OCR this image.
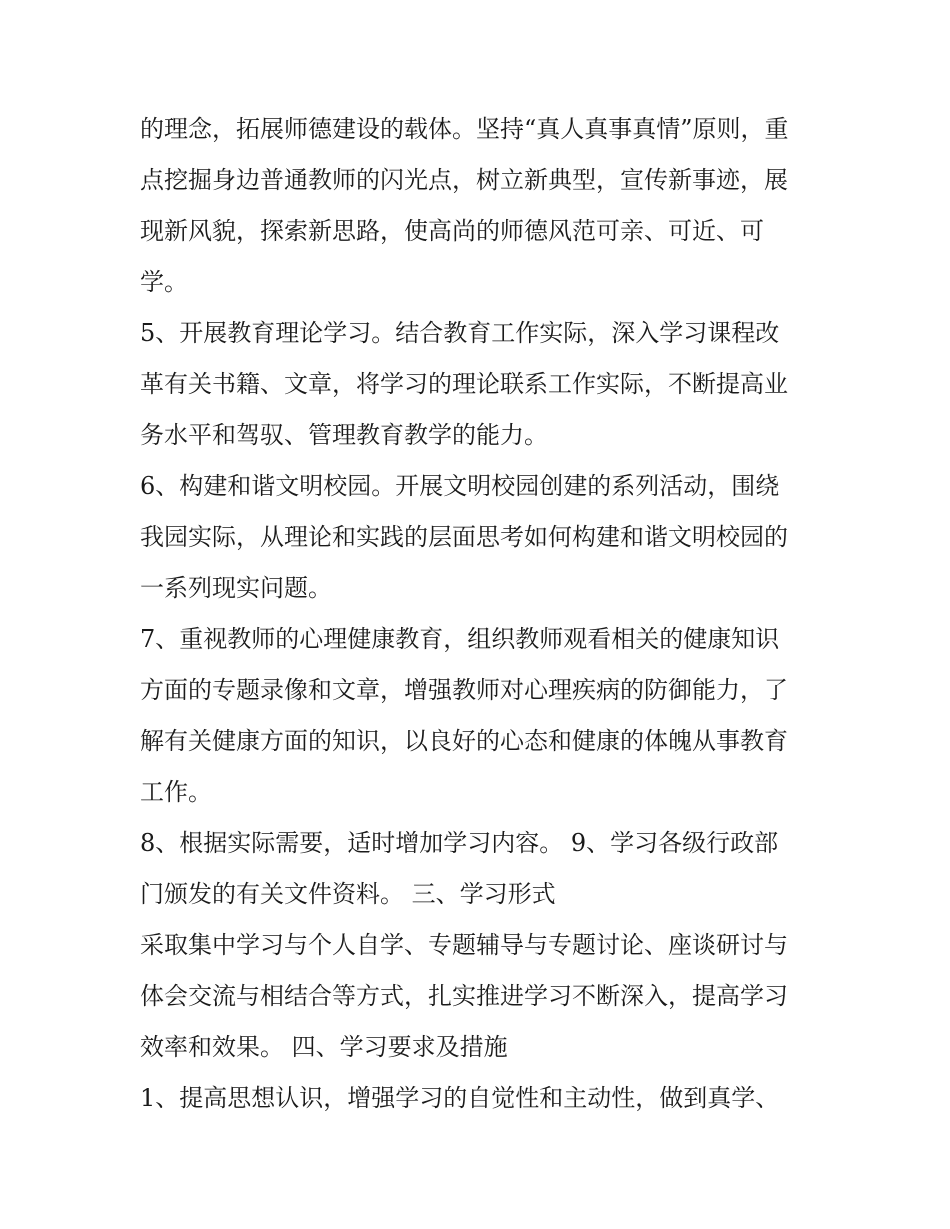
的理念，拓展师德建设的载体。坚持“真人真事真情”原则，重

点挖掘身边普通教师的闪光点，树立新典型，宣传新事迹，展

现新风貌，探索新思路，使高尚的师德风范可亲、可近、可

学。

5、开展教育理论学习。结合教育工作实际，深入学习课程改

革有关书籍、文章，将学习的理论联系工作实际，不断提高业

务水平和驾驭、管理教育教学的能力。

6、构建和谐文明校园。开展文明校园创建的系列活动，围绕

我园实际，从理论和实践的层面思考如何构建和谐文明校园的

一系列现实问题。

7、重视教师的心理健康教育，组织教师观看相关的健康知识

方面的专题录像和文章，增强教师对心理疾病的防御能力，了

解有关健康方面的知识，以良好的心态和健康的体魄从事教育

工作。

8、根据实际需要，适时增加学习内容。 9、学习各级行政部

门颁发的有关文件资料。 三、学习形式

采取集中学习与个人自学、专题辅导与专题讨论、座谈研讨与

体会交流与相结合等方式，扎实推进学习不断深入，提高学习

效率和效果。 四、学习要求及措施

1、提高思想认识，增强学习的自觉性和主动性，做到真学、
